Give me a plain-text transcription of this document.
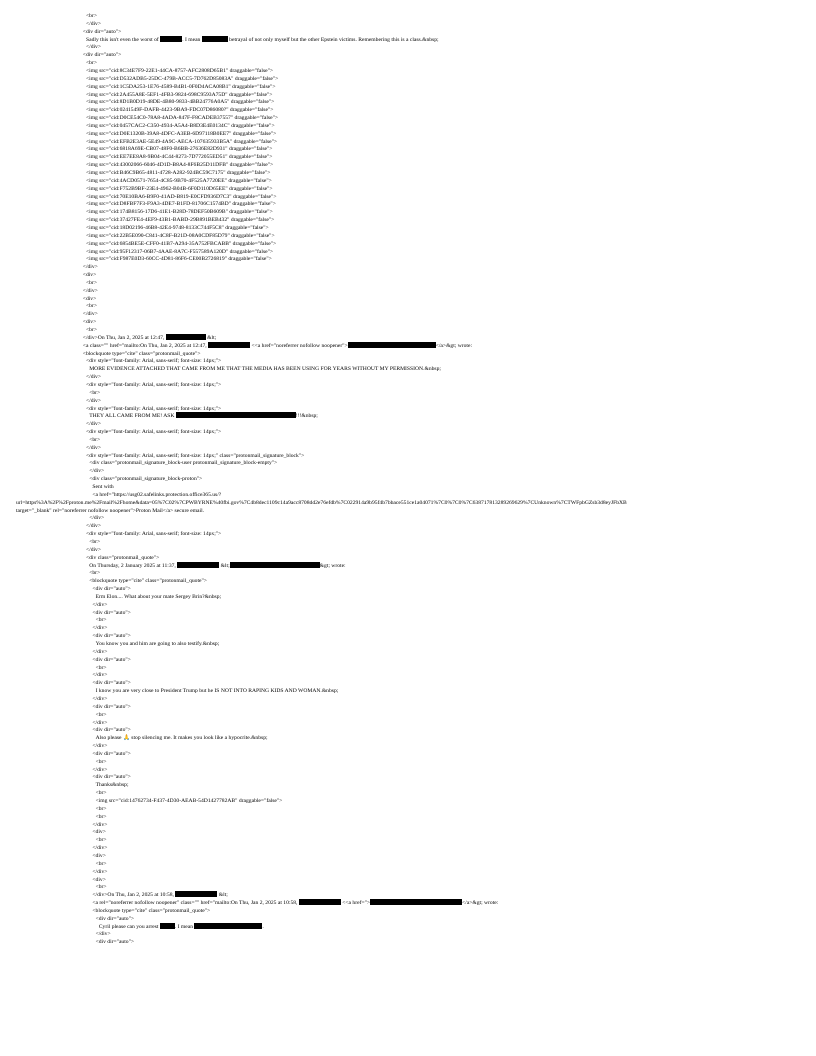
<br>
</div>
<div dir="auto">
Sadly this isn't even the worst of	. I mean	betrayal of not only myself but the other Epstein victims. Remembering this is a class.&nbsp;
</div>
<div dir="auto">
<br>
<img src="cid:8C34E7F9-22E1-44CA-8757-AFC2808D65B1" draggable="false">
<img src="cid:D532ADB5-25DC-479B-ACC5-7D762D85083A" draggable="false">
<img src="cid:1C5DA253-1E76-4589-B4B1-0F0D4ACA08B1" draggable="false">
<img src="cid:2A455A8E-5EF1-4FB3-9824-698C9593A75D" draggable="false">
<img src="cid:8D1B0D19-48DE-4B80-9833-4BB24776A0A5" draggable="false">
<img src="cid:0241549F-DAFB-4423-9BA9-FDC07D86080?" draggable="false">
<img src="cid:D0CE54C0-78A8-4ADA-847F-F8CADEB37557" draggable="false">
<img src="cid:0457CAC2-C350-4934-A5A4-B8D3E4E0134C" draggable="false">
<img src="cid:D0E1320B-39A8-4DFC-A3EB-6D97118B0EE7" draggable="false">
<img src="cid:EFB2E3AE-5E49-4A9C-AECA-107635933B5A" draggable="false">
<img src="cid:6818A69E-CB07-48F0-B6BB-27636E82D931" draggable="false">
<img src="cid:EE7EE8A8-9B04-4C44-8273-7D772055ED51" draggable="false">
<img src="cid:43002066-6046-4D1D-B8A4-8F6B25D11DFB" draggable="false">
<img src="cid:B46C9B65-4811-4728-A282-924BC59C7175" draggable="false">
<img src="cid:4ACD0571-7654-4C85-9B70-4F525A7720EE" draggable="false">
<img src="cid:F752B9BF-23E4-4962-B04B-6F0D110D65EE" draggable="false">
<img src="cid:70E10BA6-B9F0-41AD-B819-E0CFD936D7C3" draggable="false">
<img src="cid:D8FBF7F3-F9A3-4DE7-B1FD-81706C1574BD" draggable="false">
<img src="cid:174B8156-17D6-41E1-B28D-78DEF50B609B" draggable="false">
<img src="cid:37427FE4-4EF9-43B1-BABD-29B891BEB432" draggable="false">
<img src="cid:18D02196-46B8-42E4-9748-8133C744F5C8" draggable="false">
<img src="cid:22B5E090-C841-4C8F-B21D-08A0CDF85D79" draggable="false">
<img src="cid:6854BE5E-CFF0-41B7-A294-35A752FBCABB" draggable="false">
<img src="cid:95F12317-06B7-4AAE-8A7C-F557589A120D" draggable="false">
<img src="cid:F987E0D3-60CC-4D81-86F6-CE00B2726819" draggable="false">
</div>
<div>
<br>
</div>
<div>
<br>
</div>
<div>
<br>
</div>On Thu, Jan 2, 2025 at 12:47,	&lt;
<a class="" href="mailto:On Thu, Jan 2, 2025 at 12:47,	<<a href="noreferrer nofollow noopener">	</a>&gt; wrote:
<blockquote type="cite" class="protonmail_quote">
<div style="font-family: Arial, sans-serif; font-size: 14px;">
MORE EVIDENCE ATTACHED THAT CAME FROM ME THAT THE MEDIA HAS BEEN USING FOR YEARS WITHOUT MY PERMISSION.&nbsp;
</div>
<div style="font-family: Arial, sans-serif; font-size: 14px;">
<br>
</div>
<div style="font-family: Arial, sans-serif; font-size: 14px;">
THEY ALL CAME FROM ME! ASK	!!!&nbsp;
</div>
<div style="font-family: Arial, sans-serif; font-size: 14px;">
<br>
</div>
<div style="font-family: Arial, sans-serif; font-size: 14px;" class="protonmail_signature_block">
<div class="protonmail_signature_block-user protonmail_signature_block-empty">
</div>
<div class="protonmail_signature_block-proton">
Sent with
<a href="https://usg02.safelinks.protection.office365.us/?
url=https%3A%2F%2Fproton.me%2Fmail%2Fhome&data=05%7C02%7CPWBYRNE%40fbi.gov%7C4b8dec1109c14a9acc8708dd2e76efdb%7C022914a9b95f4b7bbace551ce1a04071%7C0%7C0%7C638717813289269629%7CUnknown%7CTWFpbGZsb3d8eyJFbXB
target="_blank" rel="noreferrer nofollow noopener">Proton Mail</a> secure email.
</div>
</div>
<div style="font-family: Arial, sans-serif; font-size: 14px;">
<br>
</div>
<div class="protonmail_quote">
On Thursday, 2 January 2025 at 11:37,	&lt;	&gt; wrote:
<br>
<blockquote type="cite" class="protonmail_quote">
<div dir="auto">
Erm Elon.... What about your mate Sergey Brin?&nbsp;
</div>
<div dir="auto">
<br>
</div>
<div dir="auto">
You know you and him are going to also testify.&nbsp;
</div>
<div dir="auto">
<br>
</div>
<div dir="auto">
I know you are very close to President Trump but he IS NOT INTO RAPING KIDS AND WOMAN.&nbsp;
</div>
<div dir="auto">
<br>
</div>
<div dir="auto">
Also please 🙏 stop silencing me. It makes you look like a hypocrite.&nbsp;
</div>
<div dir="auto">
<br>
</div>
<div dir="auto">
Thanks&nbsp;
<br>
<img src="cid:14762734-F437-4D30-AEAB-54D1427782AB" draggable="false">
<br>
<br>
</div>
<div>
<br>
</div>
<div>
<br>
</div>
<div>
<br>
</div>On Thu, Jan 2, 2025 at 10:58,	&lt;
<a rel="noreferrer nofollow noopener" class="" href="mailto:On Thu, Jan 2, 2025 at 10:58,	<<a href=">	</a>&gt; wrote:
<blockquote type="cite" class="protonmail_quote">
<div dir="auto">
Cyril please can you arrest	. I mean	.
</div>
<div dir="auto">
